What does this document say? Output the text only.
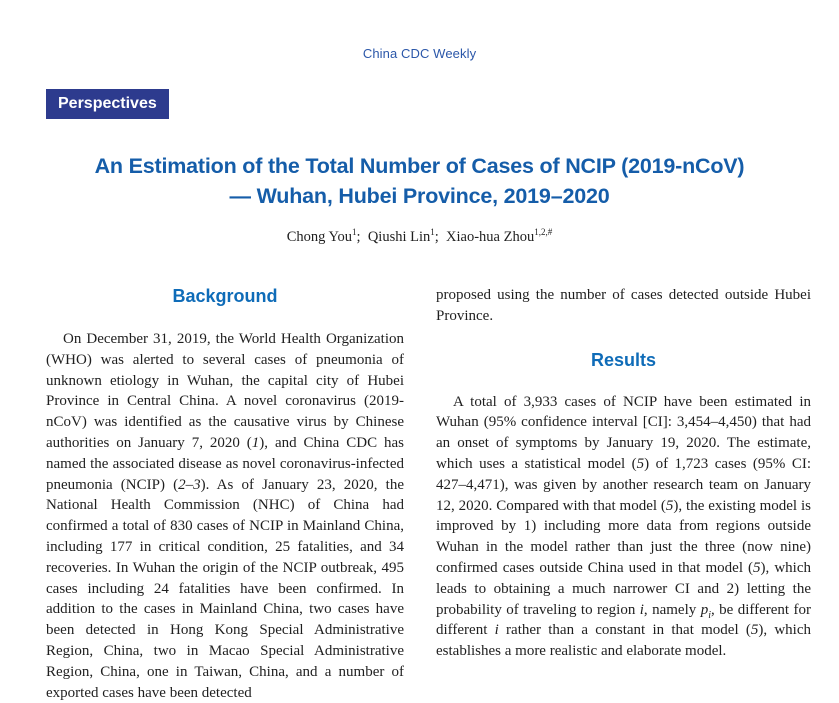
China CDC Weekly
Perspectives
An Estimation of the Total Number of Cases of NCIP (2019-nCoV)
— Wuhan, Hubei Province, 2019–2020
Chong You$^1$;  Qiushi Lin$^1$;  Xiao-hua Zhou$^{1,2,\#}$
Background

On December 31, 2019, the World Health Organization (WHO) was alerted to several cases of pneumonia of unknown etiology in Wuhan, the capital city of Hubei Province in Central China. A novel coronavirus (2019-nCoV) was identified as the causative virus by Chinese authorities on January 7, 2020 (1), and China CDC has named the associated disease as novel coronavirus-infected pneumonia (NCIP) (2–3). As of January 23, 2020, the National Health Commission (NHC) of China had confirmed a total of 830 cases of NCIP in Mainland China, including 177 in critical condition, 25 fatalities, and 34 recoveries. In Wuhan the origin of the NCIP outbreak, 495 cases including 24 fatalities have been confirmed. In addition to the cases in Mainland China, two cases have been detected in Hong Kong Special Administrative Region, China, two in Macao Special Administrative Region, China, one in Taiwan, China, and a number of exported cases have been detected

proposed using the number of cases detected outside Hubei Province.

Results

A total of 3,933 cases of NCIP have been estimated in Wuhan (95% confidence interval [CI]: 3,454–4,450) that had an onset of symptoms by January 19, 2020. The estimate, which uses a statistical model (5) of 1,723 cases (95% CI: 427–4,471), was given by another research team on January 12, 2020. Compared with that model (5), the existing model is improved by 1) including more data from regions outside Wuhan in the model rather than just the three (now nine) confirmed cases outside China used in that model (5), which leads to obtaining a much narrower CI and 2) letting the probability of traveling to region i, namely $p_i$, be different for different i rather than a constant in that model (5), which establishes a more realistic and elaborate model.
